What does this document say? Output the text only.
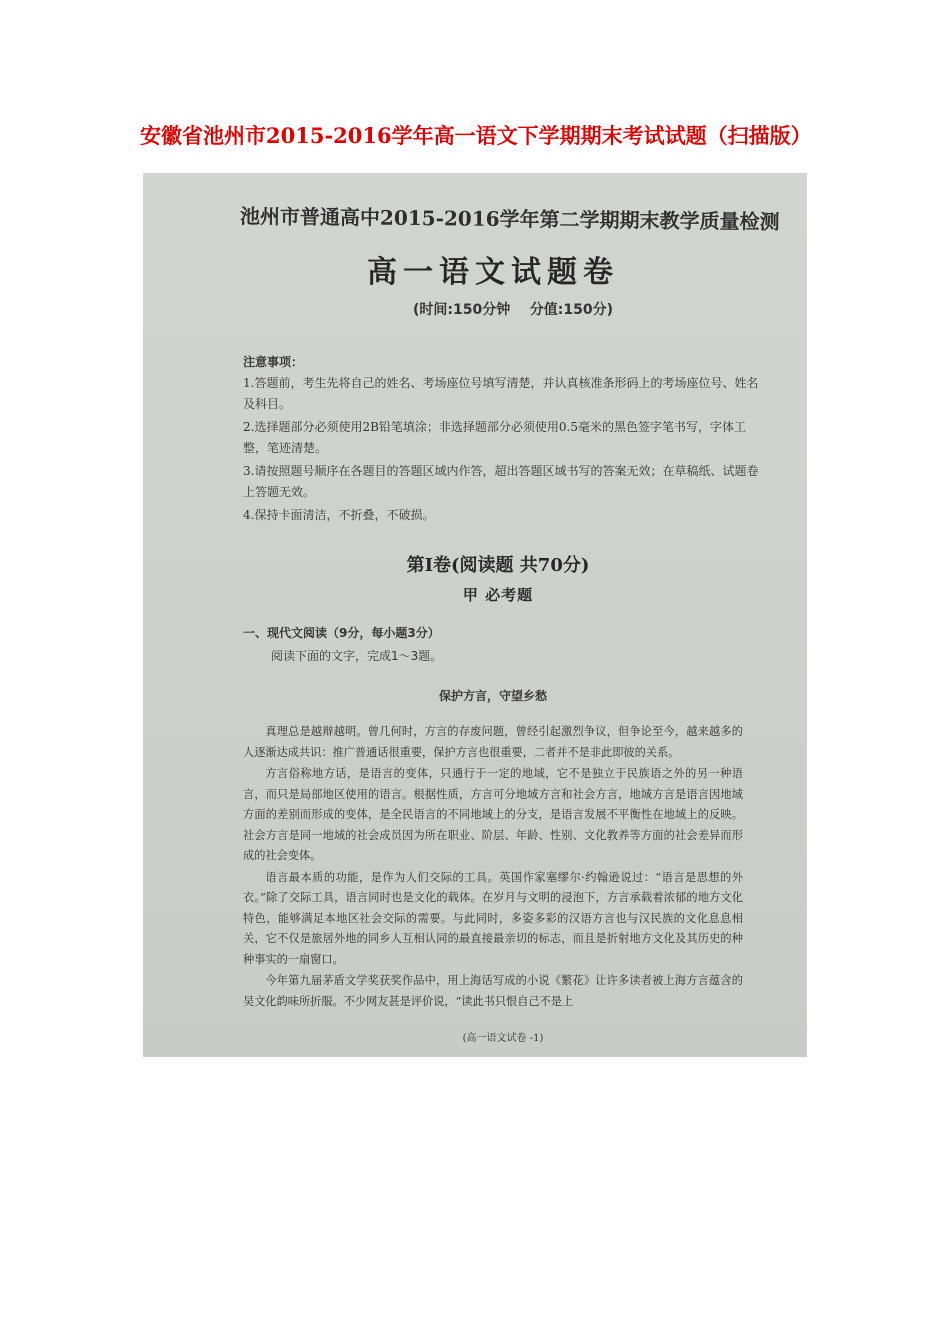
安徽省池州市2015-2016学年高一语文下学期期末考试试题（扫描版）
池州市普通高中2015-2016学年第二学期期末教学质量检测
高一语文试题卷
(时间:150分钟    分值:150分)
注意事项：
1.答题前，考生先将自己的姓名、考场座位号填写清楚，并认真核准条形码上的考场座位号、姓名及科目。
2.选择题部分必须使用2B铅笔填涂；非选择题部分必须使用0.5毫米的黑色签字笔书写，字体工整，笔迹清楚。
3.请按照题号顺序在各题目的答题区域内作答，超出答题区域书写的答案无效；在草稿纸、试题卷上答题无效。
4.保持卡面清洁，不折叠，不破损。
第Ⅰ卷(阅读题 共70分)
甲 必考题
一、现代文阅读（9分，每小题3分）
阅读下面的文字，完成1～3题。
保护方言，守望乡愁

真理总是越辩越明。曾几何时，方言的存废问题，曾经引起激烈争议，但争论至今，越来越多的人逐渐达成共识：推广普通话很重要，保护方言也很重要，二者并不是非此即彼的关系。

方言俗称地方话，是语言的变体，只通行于一定的地域，它不是独立于民族语之外的另一种语言，而只是局部地区使用的语言。根据性质，方言可分地域方言和社会方言，地域方言是语言因地域方面的差别而形成的变体，是全民语言的不同地域上的分支，是语言发展不平衡性在地域上的反映。社会方言是同一地域的社会成员因为所在职业、阶层、年龄、性别、文化教养等方面的社会差异而形成的社会变体。

语言最本质的功能，是作为人们交际的工具。英国作家塞缪尔·约翰逊说过：“语言是思想的外衣。”除了交际工具，语言同时也是文化的载体。在岁月与文明的浸泡下，方言承载着浓郁的地方文化特色，能够满足本地区社会交际的需要。与此同时，多姿多彩的汉语方言也与汉民族的文化息息相关，它不仅是旅居外地的同乡人互相认同的最直接最亲切的标志，而且是折射地方文化及其历史的种种事实的一扇窗口。

今年第九届茅盾文学奖获奖作品中，用上海话写成的小说《繁花》让许多读者被上海方言蕴含的吴文化韵味所折服。不少网友甚是评价说，“读此书只恨自己不是上

(高一语文试卷 -1)
